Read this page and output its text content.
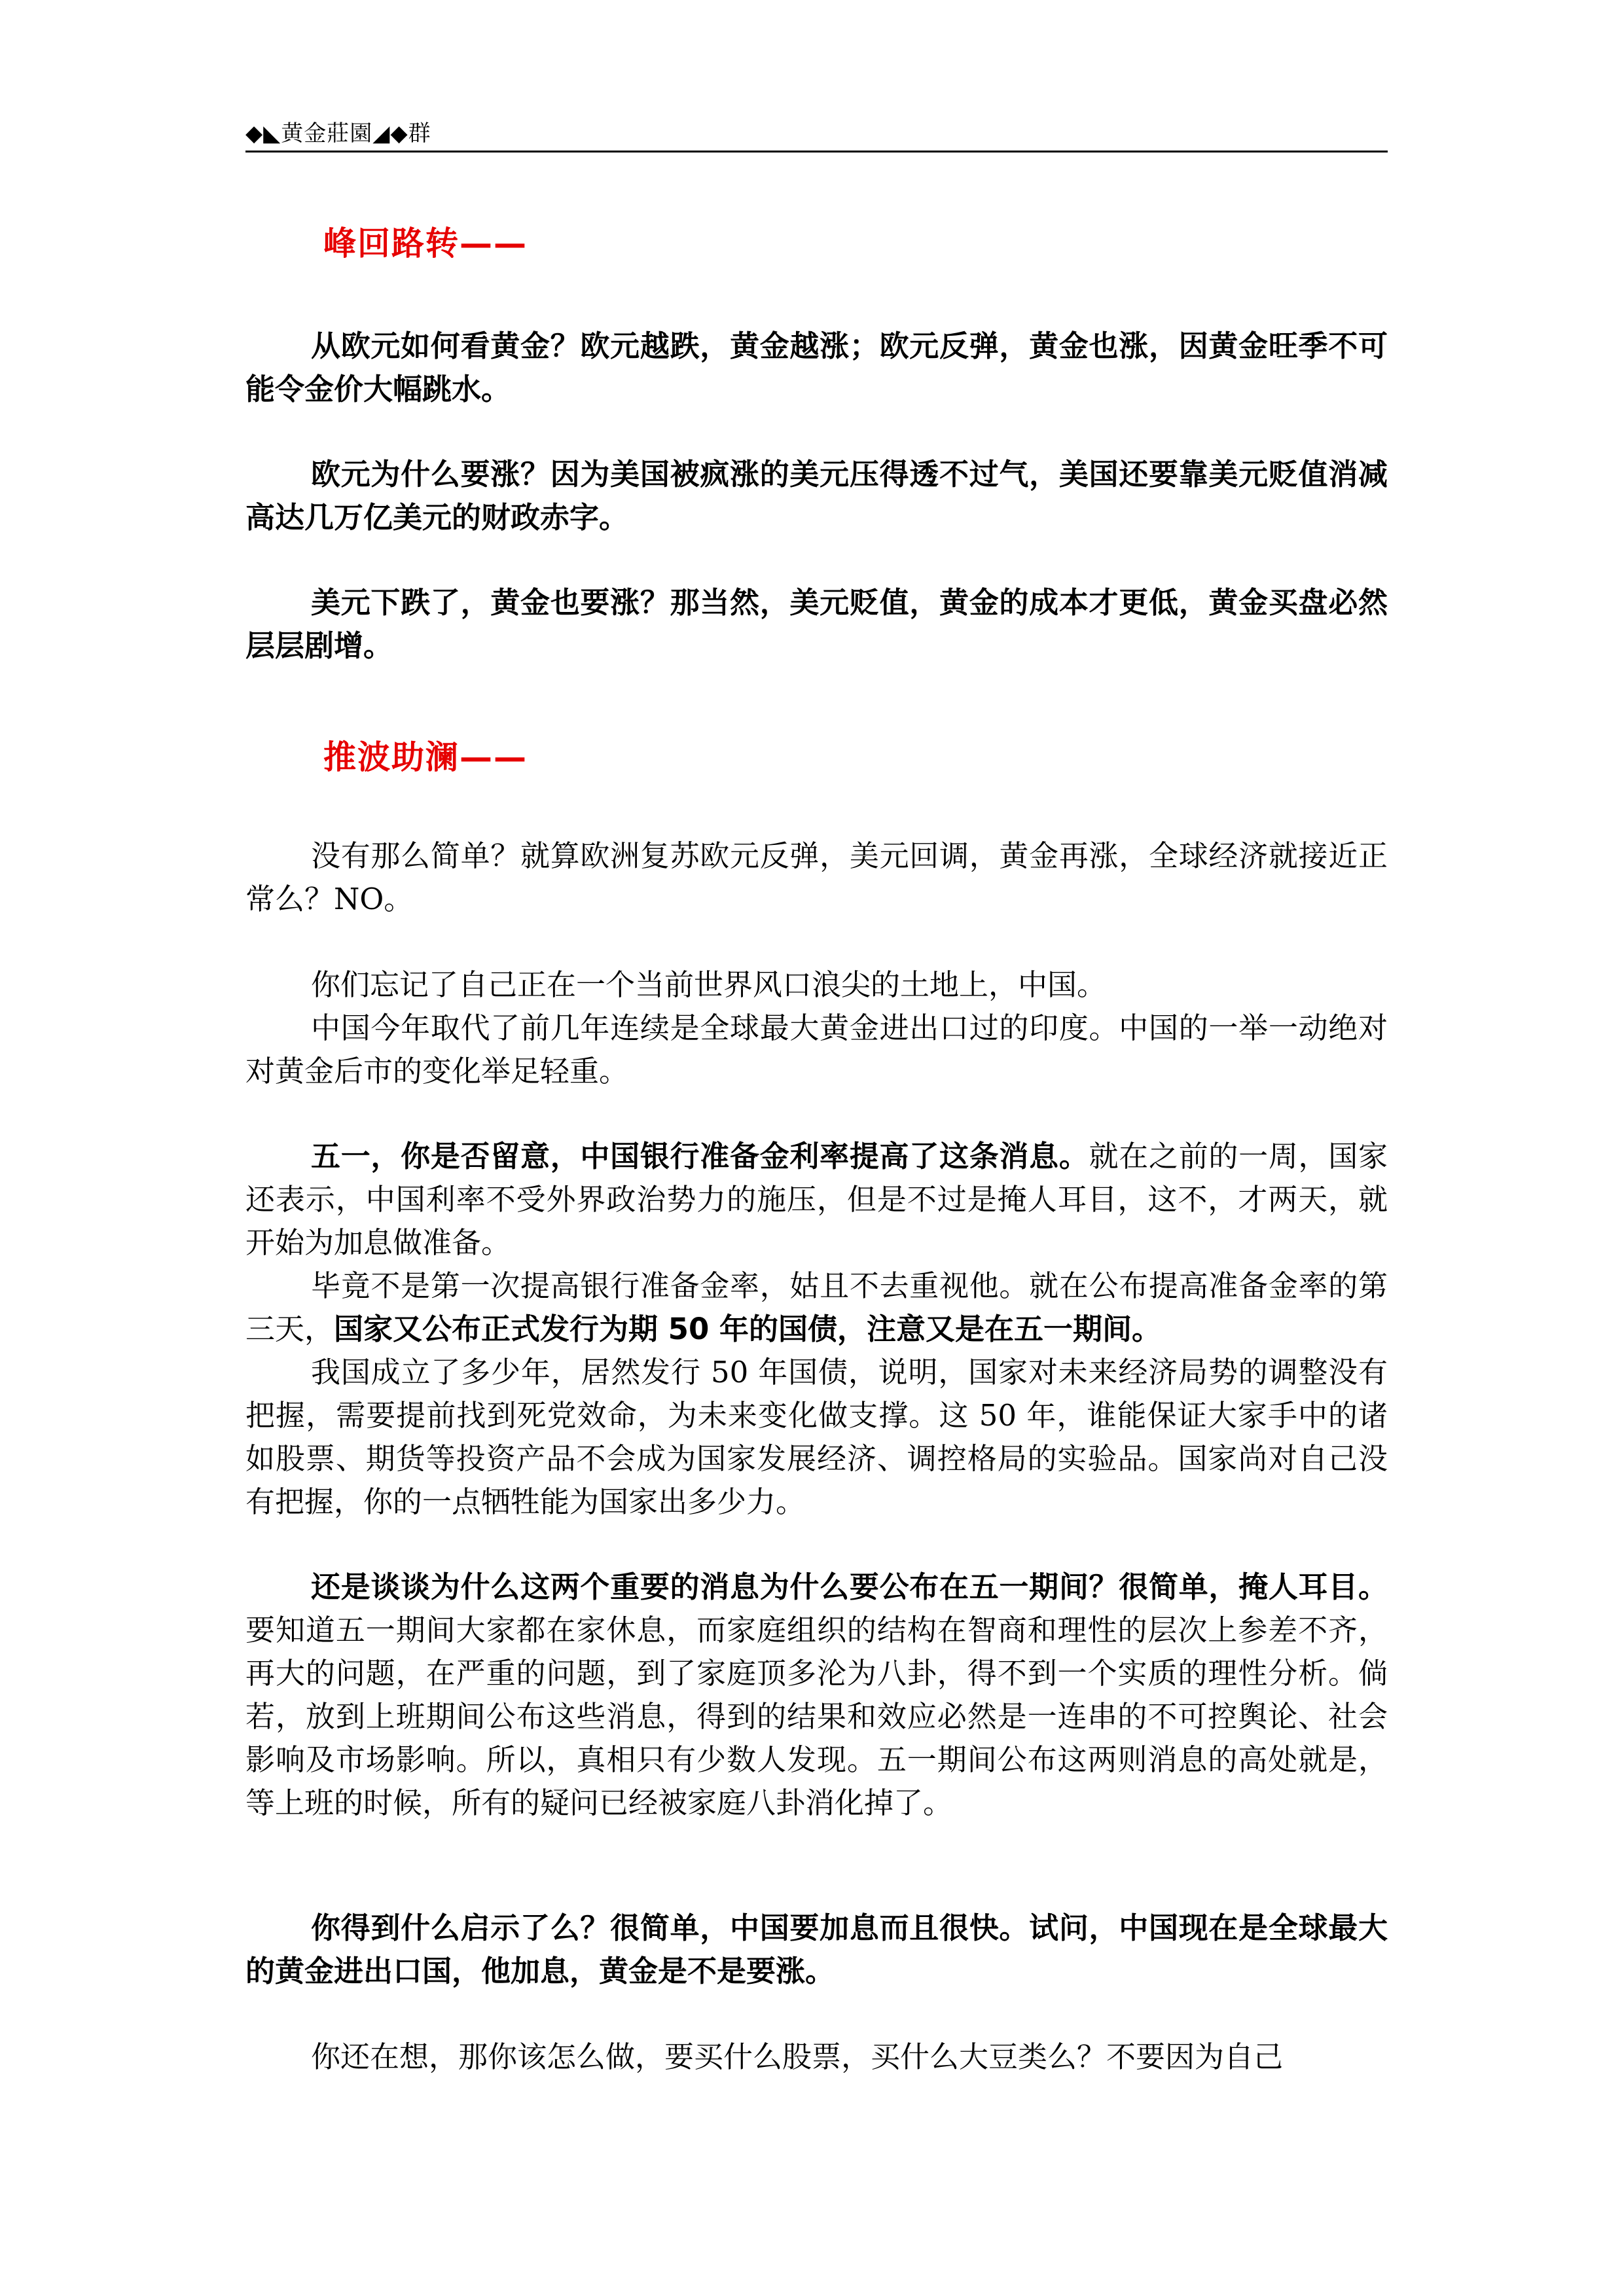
◆◣黄金莊園◢◆群
峰回路转——

从欧元如何看黄金？欧元越跌，黄金越涨；欧元反弹，黄金也涨，因黄金旺季不可能令金价大幅跳水。

欧元为什么要涨？因为美国被疯涨的美元压得透不过气，美国还要靠美元贬值消减高达几万亿美元的财政赤字。

美元下跌了，黄金也要涨？那当然，美元贬值，黄金的成本才更低，黄金买盘必然层层剧增。

推波助澜——

没有那么简单？就算欧洲复苏欧元反弹，美元回调，黄金再涨，全球经济就接近正常么？NO。

你们忘记了自己正在一个当前世界风口浪尖的土地上，中国。

中国今年取代了前几年连续是全球最大黄金进出口过的印度。中国的一举一动绝对对黄金后市的变化举足轻重。

五一，你是否留意，中国银行准备金利率提高了这条消息。就在之前的一周，国家还表示，中国利率不受外界政治势力的施压，但是不过是掩人耳目，这不，才两天，就开始为加息做准备。

毕竟不是第一次提高银行准备金率，姑且不去重视他。就在公布提高准备金率的第三天，国家又公布正式发行为期 50 年的国债，注意又是在五一期间。

我国成立了多少年，居然发行 50 年国债，说明，国家对未来经济局势的调整没有把握，需要提前找到死党效命，为未来变化做支撑。这 50 年，谁能保证大家手中的诸如股票、期货等投资产品不会成为国家发展经济、调控格局的实验品。国家尚对自己没有把握，你的一点牺牲能为国家出多少力。

还是谈谈为什么这两个重要的消息为什么要公布在五一期间？很简单，掩人耳目。要知道五一期间大家都在家休息，而家庭组织的结构在智商和理性的层次上参差不齐，再大的问题，在严重的问题，到了家庭顶多沦为八卦，得不到一个实质的理性分析。倘若，放到上班期间公布这些消息，得到的结果和效应必然是一连串的不可控舆论、社会影响及市场影响。所以，真相只有少数人发现。五一期间公布这两则消息的高处就是，等上班的时候，所有的疑问已经被家庭八卦消化掉了。

你得到什么启示了么？很简单，中国要加息而且很快。试问，中国现在是全球最大的黄金进出口国，他加息，黄金是不是要涨。

你还在想，那你该怎么做，要买什么股票，买什么大豆类么？不要因为自己
